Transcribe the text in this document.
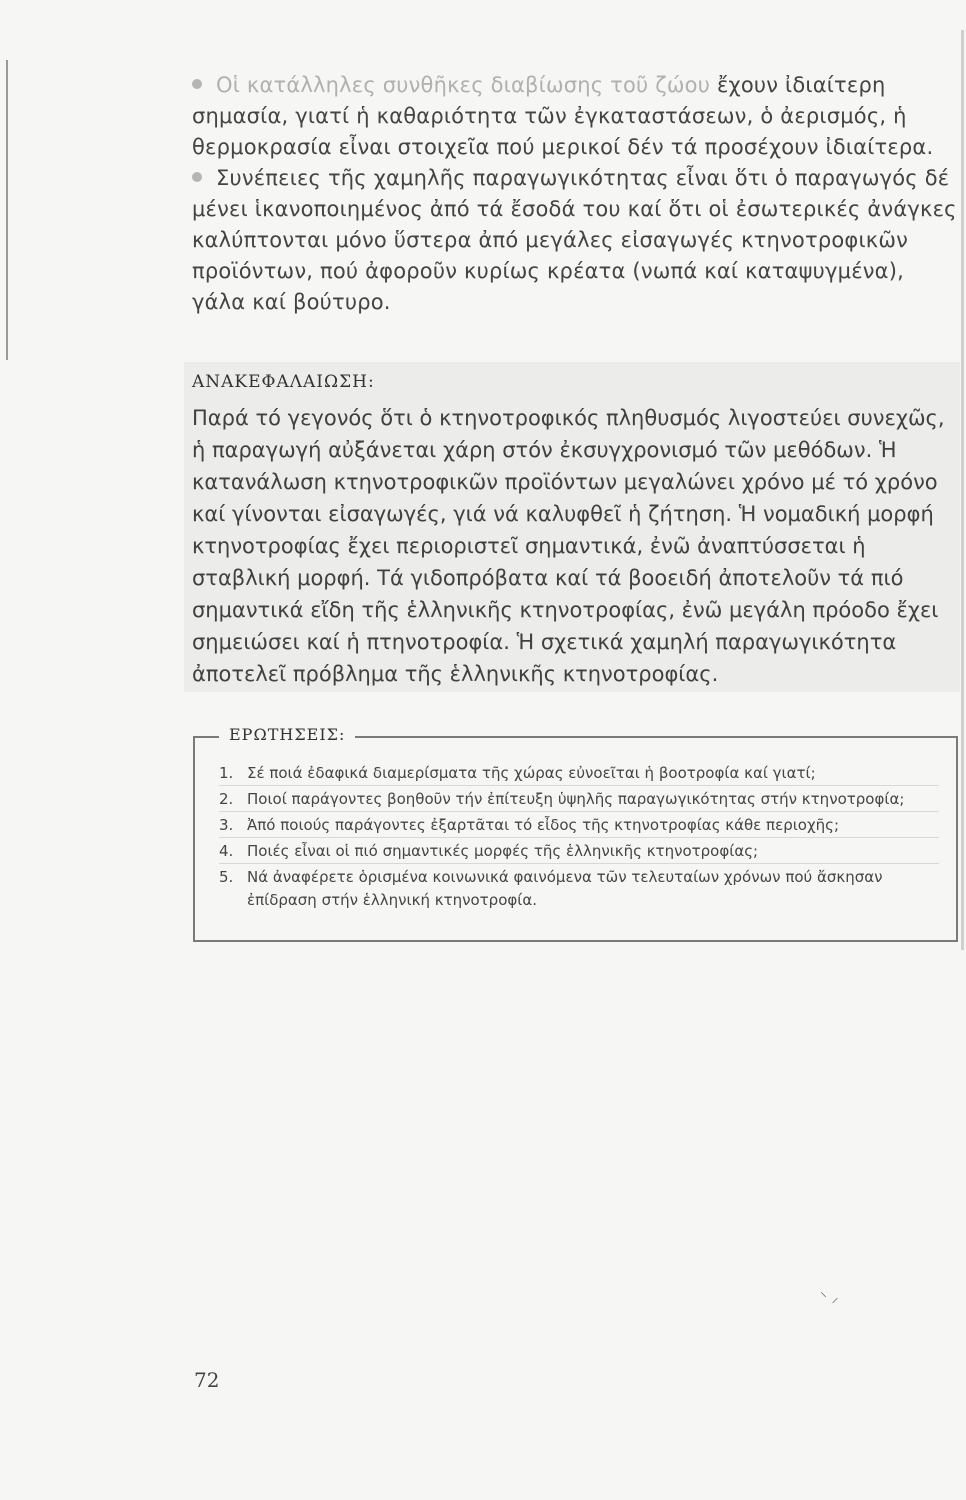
Οἱ κατάλληλες συνθῆκες διαβίωσης τοῦ ζώου ἔχουν ἰδιαίτερη σημασία, γιατί ἡ καθαριότητα τῶν ἐγκαταστάσεων, ὁ ἀερισμός, ἡ θερμοκρασία εἶναι στοιχεῖα πού μερικοί δέν τά προσέχουν ἰδιαίτερα.

Συνέπειες τῆς χαμηλῆς παραγωγικότητας εἶναι ὅτι ὁ παραγωγός δέ μένει ἱκανοποιημένος ἀπό τά ἔσοδά του καί ὅτι οἱ ἐσωτερικές ἀνάγκες καλύπτονται μόνο ὕστερα ἀπό μεγάλες εἰσαγωγές κτηνοτροφικῶν προϊόντων, πού ἀφοροῦν κυρίως κρέατα (νωπά καί καταψυγμένα), γάλα καί βούτυρο.

ΑΝΑΚΕΦΑΛΑΙΩΣΗ:

Παρά τό γεγονός ὅτι ὁ κτηνοτροφικός πληθυσμός λιγοστεύει συνεχῶς, ἡ παραγωγή αὐξάνεται χάρη στόν ἐκσυγχρονισμό τῶν μεθόδων. Ἡ κατανάλωση κτηνοτροφικῶν προϊόντων μεγαλώνει χρόνο μέ τό χρόνο καί γίνονται εἰσαγωγές, γιά νά καλυφθεῖ ἡ ζήτηση. Ἡ νομαδική μορφή κτηνοτροφίας ἔχει περιοριστεῖ σημαντικά, ἐνῶ ἀναπτύσσεται ἡ σταβλική μορφή. Τά γιδοπρόβατα καί τά βοοειδή ἀποτελοῦν τά πιό σημαντικά εἴδη τῆς ἑλληνικῆς κτηνοτροφίας, ἐνῶ μεγάλη πρόοδο ἔχει σημειώσει καί ἡ πτηνοτροφία. Ἡ σχετικά χαμηλή παραγωγικότητα ἀποτελεῖ πρόβλημα τῆς ἑλληνικῆς κτηνοτροφίας.

ΕΡΩΤΗΣΕΙΣ:
1. Σέ ποιά ἐδαφικά διαμερίσματα τῆς χώρας εὐνοεῖται ἡ βοοτροφία καί γιατί;
2. Ποιοί παράγοντες βοηθοῦν τήν ἐπίτευξη ὑψηλῆς παραγωγικότητας στήν κτηνοτροφία;
3. Ἀπό ποιούς παράγοντες ἐξαρτᾶται τό εἶδος τῆς κτηνοτροφίας κάθε περιοχῆς;
4. Ποιές εἶναι οἱ πιό σημαντικές μορφές τῆς ἑλληνικῆς κτηνοτροφίας;
5. Νά ἀναφέρετε ὁρισμένα κοινωνικά φαινόμενα τῶν τελευταίων χρόνων πού ἄσκησαν ἐπίδραση στήν ἑλληνική κτηνοτροφία.
⸌ ⸝
72
